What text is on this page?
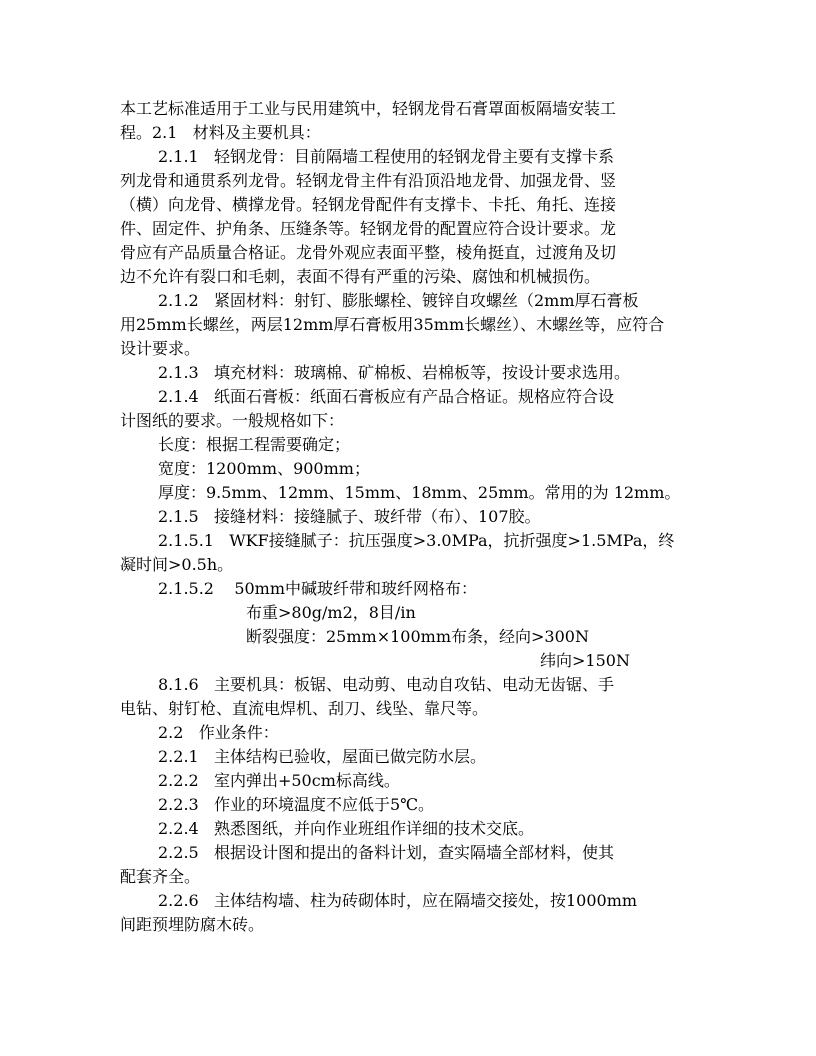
本工艺标准适用于工业与民用建筑中，轻钢龙骨石膏罩面板隔墙安装工
程。2.1   材料及主要机具：
2.1.1   轻钢龙骨：目前隔墙工程使用的轻钢龙骨主要有支撑卡系
列龙骨和通贯系列龙骨。轻钢龙骨主件有沿顶沿地龙骨、加强龙骨、竖
（横）向龙骨、横撑龙骨。轻钢龙骨配件有支撑卡、卡托、角托、连接
件、固定件、护角条、压缝条等。轻钢龙骨的配置应符合设计要求。龙
骨应有产品质量合格证。龙骨外观应表面平整，棱角挺直，过渡角及切
边不允许有裂口和毛刺，表面不得有严重的污染、腐蚀和机械损伤。
2.1.2   紧固材料：射钉、膨胀螺栓、镀锌自攻螺丝（2mm厚石膏板
用25mm长螺丝，两层12mm厚石膏板用35mm长螺丝）、木螺丝等，应符合
设计要求。
2.1.3   填充材料：玻璃棉、矿棉板、岩棉板等，按设计要求选用。
2.1.4   纸面石膏板：纸面石膏板应有产品合格证。规格应符合设
计图纸的要求。一般规格如下：
长度：根据工程需要确定；
宽度：1200mm、900mm；
厚度：9.5mm、12mm、15mm、18mm、25mm。常用的为 12mm。
2.1.5   接缝材料：接缝腻子、玻纤带（布）、107胶。
2.1.5.1   WKF接缝腻子：抗压强度>3.0MPa，抗折强度>1.5MPa，终
凝时间>0.5h。
2.1.5.2    50mm中碱玻纤带和玻纤网格布：
布重>80g/m2，8目/in
断裂强度：25mm×100mm布条，经向>300N
纬向>150N
8.1.6   主要机具：板锯、电动剪、电动自攻钻、电动无齿锯、手
电钻、射钉枪、直流电焊机、刮刀、线坠、靠尺等。
2.2   作业条件：
2.2.1   主体结构已验收，屋面已做完防水层。
2.2.2   室内弹出+50cm标高线。
2.2.3   作业的环境温度不应低于5℃。
2.2.4   熟悉图纸，并向作业班组作详细的技术交底。
2.2.5   根据设计图和提出的备料计划，查实隔墙全部材料，使其
配套齐全。
2.2.6   主体结构墙、柱为砖砌体时，应在隔墙交接处，按1000mm
间距预埋防腐木砖。
